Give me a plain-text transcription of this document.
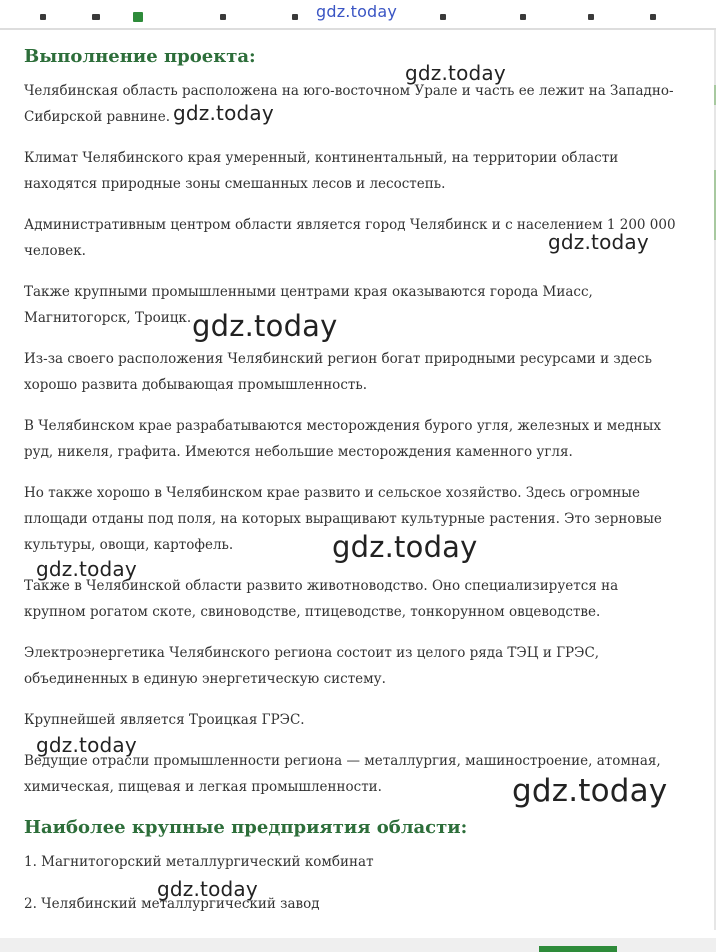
Выполнение проекта:

Челябинская область расположена на юго-восточном Урале и часть ее лежит на Западно-Сибирской равнине.

Климат Челябинского края умеренный, континентальный, на территории области находятся природные зоны смешанных лесов и лесостепь.

Административным центром области является город Челябинск и с населением 1 200 000 человек.

Также крупными промышленными центрами края оказываются города Миасс, Магнитогорск, Троицк.

Из-за своего расположения Челябинский регион богат природными ресурсами и здесь хорошо развита добывающая промышленность.

В Челябинском крае разрабатываются месторождения бурого угля, железных и медных руд, никеля, графита. Имеются небольшие месторождения каменного угля.

Но также хорошо в Челябинском крае развито и сельское хозяйство. Здесь огромные площади отданы под поля, на которых выращивают культурные растения. Это зерновые культуры, овощи, картофель.

Также в Челябинской области развито животноводство. Оно специализируется на крупном рогатом скоте, свиноводстве, птицеводстве, тонкорунном овцеводстве.

Электроэнергетика Челябинского региона состоит из целого ряда ТЭЦ и ГРЭС, объединенных в единую энергетическую систему.

Крупнейшей является Троицкая ГРЭС.

Ведущие отрасли промышленности региона — металлургия, машиностроение, атомная, химическая, пищевая и легкая промышленности.

Наиболее крупные предприятия области:
1. Магнитогорский металлургический комбинат
2. Челябинский металлургический завод
gdz.today
gdz.today
gdz.today
gdz.today
gdz.today
gdz.today
gdz.today
gdz.today
gdz.today
gdz.today
